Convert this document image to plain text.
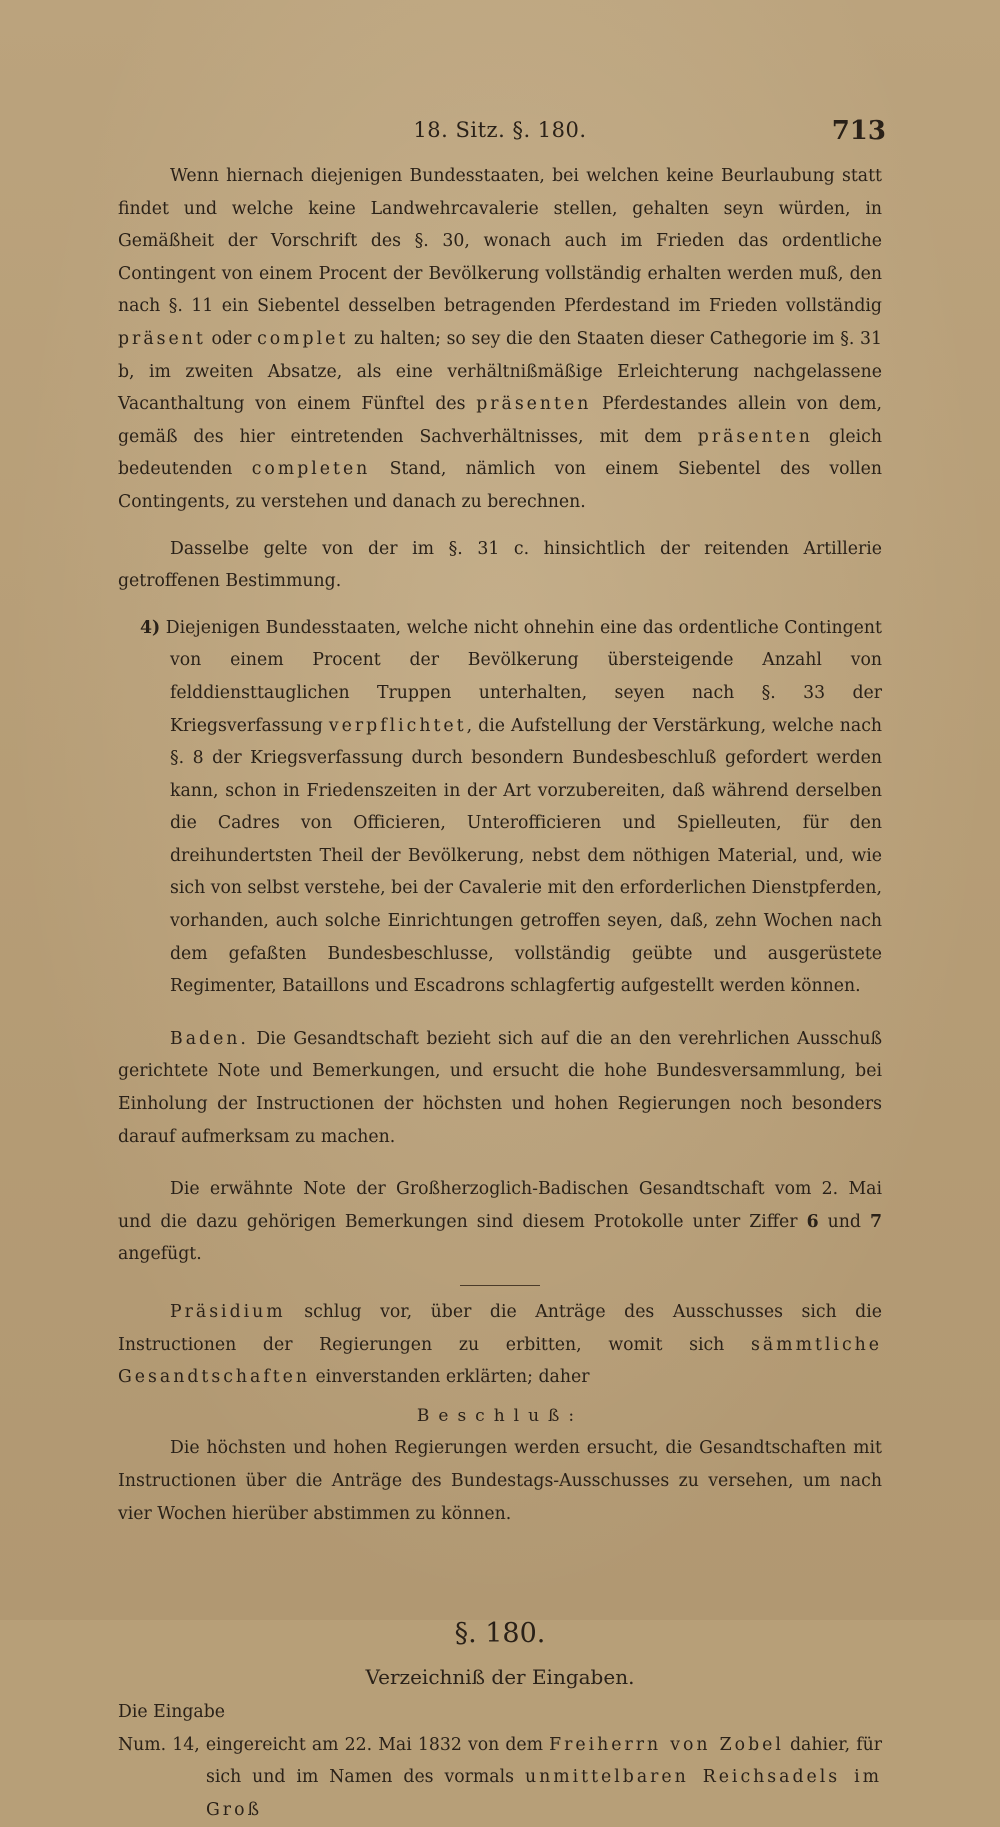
18. Sitz. §. 180.	713

Wenn hiernach diejenigen Bundesstaaten, bei welchen keine Beurlaubung statt findet und welche keine Landwehrcavalerie stellen, gehalten seyn würden, in Gemäßheit der Vorschrift des §. 30, wonach auch im Frieden das ordentliche Contingent von einem Procent der Bevölkerung vollständig erhalten werden muß, den nach §. 11 ein Siebentel desselben betragenden Pferdestand im Frieden vollständig präsent oder complet zu halten; so sey die den Staaten dieser Cathegorie im §. 31 b, im zweiten Absatze, als eine verhältnißmäßige Erleichterung nachgelassene Vacanthaltung von einem Fünftel des präsenten Pferdestandes allein von dem, gemäß des hier eintretenden Sachverhältnisses, mit dem präsenten gleich bedeutenden completen Stand, nämlich von einem Siebentel des vollen Contingents, zu verstehen und danach zu berechnen.

Dasselbe gelte von der im §. 31 c. hinsichtlich der reitenden Artillerie getroffenen Bestimmung.

4) Diejenigen Bundesstaaten, welche nicht ohnehin eine das ordentliche Contingent von einem Procent der Bevölkerung übersteigende Anzahl von felddiensttauglichen Truppen unterhalten, seyen nach §. 33 der Kriegsverfassung verpflichtet, die Aufstellung der Verstärkung, welche nach §. 8 der Kriegsverfassung durch besondern Bundesbeschluß gefordert werden kann, schon in Friedenszeiten in der Art vorzubereiten, daß während derselben die Cadres von Officieren, Unterofficieren und Spielleuten, für den dreihundertsten Theil der Bevölkerung, nebst dem nöthigen Material, und, wie sich von selbst verstehe, bei der Cavalerie mit den erforderlichen Dienstpferden, vorhanden, auch solche Einrichtungen getroffen seyen, daß, zehn Wochen nach dem gefaßten Bundesbeschlusse, vollständig geübte und ausgerüstete Regimenter, Bataillons und Escadrons schlagfertig aufgestellt werden können.

Baden. Die Gesandtschaft bezieht sich auf die an den verehrlichen Ausschuß gerichtete Note und Bemerkungen, und ersucht die hohe Bundesversammlung, bei Einholung der Instructionen der höchsten und hohen Regierungen noch besonders darauf aufmerksam zu machen.

Die erwähnte Note der Großherzoglich-Badischen Gesandtschaft vom 2. Mai und die dazu gehörigen Bemerkungen sind diesem Protokolle unter Ziffer 6 und 7 angefügt.

Präsidium schlug vor, über die Anträge des Ausschusses sich die Instructionen der Regierungen zu erbitten, womit sich sämmtliche Gesandtschaften einverstanden erklärten; daher

Beschluß:

Die höchsten und hohen Regierungen werden ersucht, die Gesandtschaften mit Instructionen über die Anträge des Bundestags-Ausschusses zu versehen, um nach vier Wochen hierüber abstimmen zu können.

§. 180.
Verzeichniß der Eingaben.

Die Eingabe

Num. 14, eingereicht am 22. Mai 1832 von dem Freiherrn von Zobel dahier, für sich und im Namen des vormals unmittelbaren Reichsadels im Groß
